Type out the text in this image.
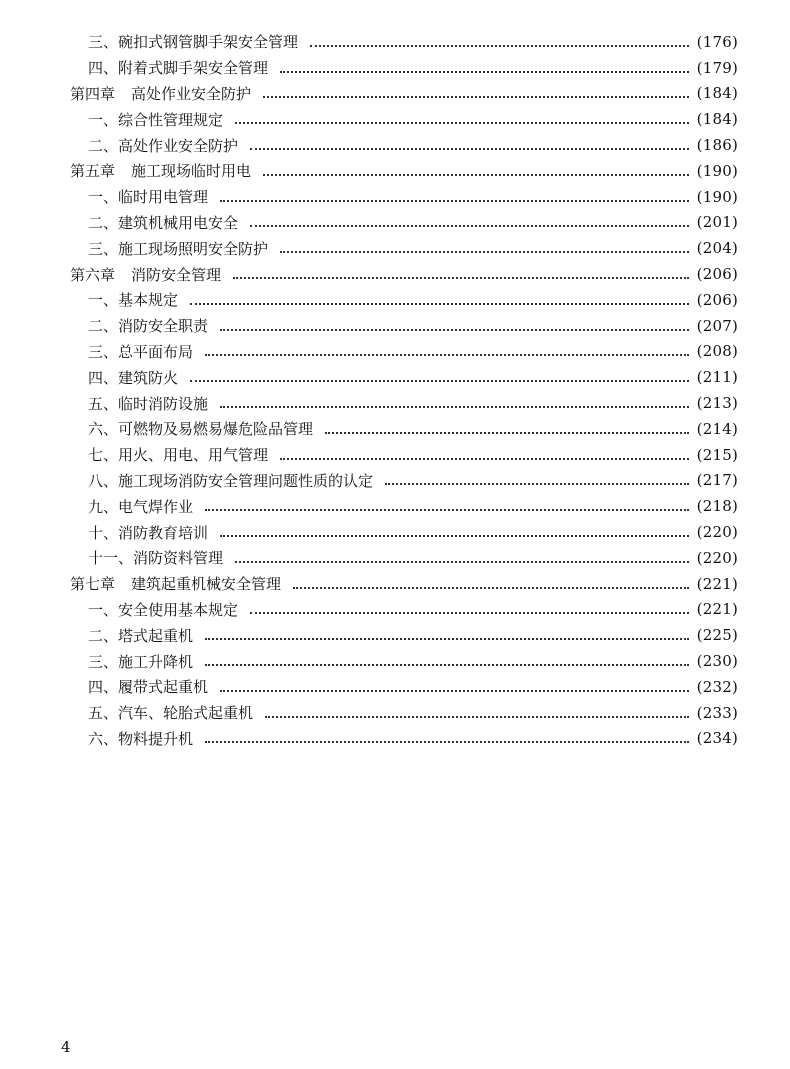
三、碗扣式钢管脚手架安全管理	(176)
四、附着式脚手架安全管理	(179)
第四章 高处作业安全防护	(184)
一、综合性管理规定	(184)
二、高处作业安全防护	(186)
第五章 施工现场临时用电	(190)
一、临时用电管理	(190)
二、建筑机械用电安全	(201)
三、施工现场照明安全防护	(204)
第六章 消防安全管理	(206)
一、基本规定	(206)
二、消防安全职责	(207)
三、总平面布局	(208)
四、建筑防火	(211)
五、临时消防设施	(213)
六、可燃物及易燃易爆危险品管理	(214)
七、用火、用电、用气管理	(215)
八、施工现场消防安全管理问题性质的认定	(217)
九、电气焊作业	(218)
十、消防教育培训	(220)
十一、消防资料管理	(220)
第七章 建筑起重机械安全管理	(221)
一、安全使用基本规定	(221)
二、塔式起重机	(225)
三、施工升降机	(230)
四、履带式起重机	(232)
五、汽车、轮胎式起重机	(233)
六、物料提升机	(234)
4
